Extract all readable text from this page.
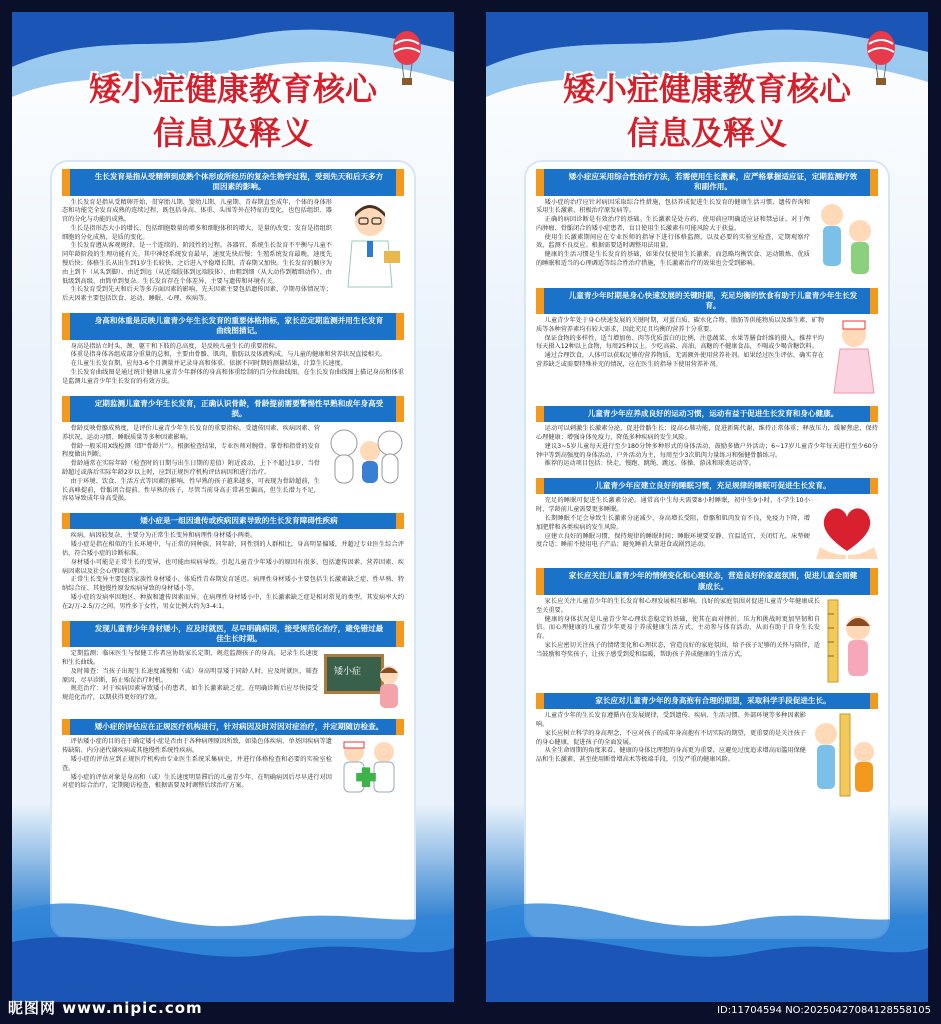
矮小症健康教育核心
信息及释义
生长发育是指从受精卵到成熟个体形成所经历的复杂生物学过程，受到先天和后天多方面因素的影响。

生长发育是指从受精卵开始，贯穿胎儿期、婴幼儿期、儿童期、青春期直至成年，个体的身体形态和功能完全发育成熟的连续过程，既包括身高、体重、头围等外在特征的变化，也包括组织、器官的分化与功能的成熟。

生长是指形态大小的增长，包括细胞数量的增多和细胞体积的增大，是量的改变；发育是指组织细胞的分化成熟，是质的变化。

生长发育遵从客观规律，是一个连续的、阶段性的过程。各器官、系统生长发育不平衡与儿童不同年龄阶段的生理功能有关。其中神经系统发育最早，速度先快后慢；生殖系统发育最晚，速度先慢后快；体格生长从出生到1岁生长较快，之后进入平稳增长期，青春期又加快。生长发育的顺序为由上到下（从头到脚）、由近到远（从近端肢体到远端肢体）、由粗到细（从大动作到精细动作）、由低级到高级、由简单到复杂。生长发育存在个体差异，主要与遗传和环境有关。

生长发育受到先天和后天等多方面因素的影响，先天因素主要包括遗传因素、孕期母体情况等；后天因素主要包括饮食、运动、睡眠、心理、疾病等。

身高和体重是反映儿童青少年生长发育的重要体格指标，家长应定期监测并用生长发育曲线图描记。

身高是指站立时头、颈、躯干和下肢的总高度，是反映儿童生长的重要指标。

体重是指身体各组成部分重量的总和，主要由骨骼、肌肉、脂肪以及体液构成，与儿童的健康和营养状况直接相关。

在儿童生长发育期，应每3-6个月测量并记录身高和体重。依据不同时期的测量结果，计算生长速度。

生长发育曲线图是通过统计健康儿童青少年群体的身高和体重绘制的百分位曲线图。在生长发育曲线图上描记身高和体重是监测儿童青少年生长发育的有效方法。

定期监测儿童青少年生长发育，正确认识骨龄，骨龄提前需要警惕性早熟和成年身高受损。

骨龄反映骨骼成熟度，是评价儿童青少年生长发育的重要指标，受遗传因素、疾病因素、营养状况、运动习惯、睡眠质量等多种因素影响。

骨龄一般采用X线检测（即“骨龄片”）。根据检查结果，专业医师对腕骨、掌骨和指骨的发育程度做出判断。

骨龄通常在实际年龄（检查时的日期与出生日期的差值）附近波动，上下不超过1岁，当骨龄超过或落后实际年龄2岁以上时，应到正规医疗机构评估病因和进行治疗。

由于环境、饮食、生活方式等因素的影响，性早熟的孩子越来越多，可表现为骨龄超前，生长高峰提前，骨骺闭合提前。性早熟的孩子，尽管当前身高正常甚至偏高，但生长潜力不足，容易导致成年身高受损。

矮小症是一组因遗传或疾病因素导致的生长发育障碍性疾病

疾病，病因较复杂，主要分为正常生长变异和病理性身材矮小两类。

矮小症是指在相似的生长环境中，与正常的同种族、同年龄、同性别的人群相比，身高明显偏矮，并超过专业医生综合评估，符合矮小症的诊断标准。

身材矮小可能是正常生长的变异，也可能由疾病导致。引起儿童青少年矮小的原因有很多，包括遗传因素、营养因素、疾病因素以及社会心理因素等。

正常生长变异主要包括家族性身材矮小、体质性青春期发育延迟。病理性身材矮小主要包括生长激素缺乏症、性早熟、特纳综合征、其他慢性原发疾病导致的身材矮小等。

矮小症的发病率因地区、种族和遗传因素而异。在病理性身材矮小中，生长激素缺乏症是相对常见的类型，其发病率大约在2/万-2.5/万之间，男性多于女性，男女比例大约为3-4:1。

发现儿童青少年身材矮小，应及时就医，尽早明确病因，接受规范化治疗，避免错过最佳生长时期。

定期监测：临床医生与保健工作者应协助家长定期、规范监测孩子的身高，记录生长速度和生长曲线。

及时筛查：当孩子出现生长速度减慢和（或）身高明显矮于同龄人时，应及时就医，筛查原因，尽早诊断，防止贻误治疗时机。

规范治疗：对于疾病因素导致矮小的患者，如生长激素缺乏症，在明确诊断后应尽快接受规范化治疗，以期获得更好的疗效。

矮小症
矮小症的评估应在正规医疗机构进行，针对病因及时对因对症治疗，并定期随访检查。

评估矮小症的目的在于确定矮小症是否由于各种病理原因所致，如染色体疾病、单基因疾病等遗传缺陷、内分泌代谢疾病或其他慢性系统性疾病。

矮小症的评估应到正规医疗机构由专业医生系统采集病史，并进行体格检查和必要的实验室检查。

矮小症的评估对象是身高和（或）生长速度明显滞后的儿童青少年，在明确病因后尽早进行对因对症的综合治疗，定期随访检查，根据需要及时调整后续治疗方案。

矮小症健康教育核心
信息及释义
矮小症应采用综合性治疗方法，若需使用生长激素，应严格掌握适应证，定期监测疗效和副作用。

矮小症的治疗应针对病因采取综合性措施，包括养成促进生长发育的健康生活习惯、遗传咨询和采用生长激素、积极治疗原发病等。

正确的病因诊断是有效治疗的基础。生长激素是处方药，使用前应明确适应证和禁忌证。对于颅内肿瘤、骨骺闭合的矮小症患者，盲目使用生长激素有可能风险大于获益。

使用生长激素期间应在专业医师的指导下进行体格监测，以及必要的实验室检查，定期观察疗效，监测不良反应。根据需要适时调整用法用量。

健康的生活习惯是生长发育的基础，如果仅仅使用生长激素，而忽略均衡饮食、运动锻炼、优质的睡眠和适当的心理调适等综合性治疗措施，生长激素治疗的效果也会受到影响。

儿童青少年时期是身心快速发展的关键时期，充足均衡的饮食有助于儿童青少年生长发育。

儿童青少年处于身心快速发展的关键时期，对蛋白质、碳水化合物、脂肪等供能物质以及维生素、矿物质等各种营养素均有较大需求，因此充足且均衡的营养十分重要。

保证食物的多样性，适当增加鱼、肉等优质蛋白的比例，注意蔬菜、水果等膳食纤维的摄入。推荐平均每天摄入12种以上食物，每周25种以上。少吃高盐、高油、高糖的不健康食品，不喝或少喝含糖饮料。

通过合理饮食，人体可以获取足够的营养物质，无需额外使用营养补剂。如果经过医生评估，确实存在营养缺乏或需要特殊补充的情况，应在医生的指导下使用营养补剂。

儿童青少年应养成良好的运动习惯，运动有益于促进生长发育和身心健康。

运动可以刺激生长激素分泌，促进骨骼生长；提高心肺功能，促进新陈代谢，维持正常体重；释放压力，缓解焦虑，保持心理健康；增强身体免疫力，降低多种疾病的发生风险。

建议3~5岁儿童每天进行至少180分钟多种形式的身体活动，鼓励多做户外活动；6~17岁儿童青少年每天进行至少60分钟中等到高强度的身体活动，户外活动为主，每周至少3次肌肉力量练习和强健骨骼练习。

推荐的运动项目包括：快走、慢跑、跳绳、跳远、体操、游泳和球类运动等。

儿童青少年应建立良好的睡眠习惯，充足规律的睡眠可促进生长发育。

充足的睡眠可促进生长激素分泌。通常高中生每天需要8小时睡眠，初中生9小时，小学生10小时，学龄前儿童需要更多睡眠。

长期睡眠不足会导致生长激素分泌减少，身高增长受阻，骨骼和肌肉发育不良，免疫力下降，增加肥胖和各类疾病的发生风险。

应建立良好的睡眠习惯，保持规律的睡眠时间；睡眠环境要安静、宜温适宜，关闭灯光，床垫硬度合适；睡前不使用电子产品；避免睡前大量进食或剧烈运动。

家长应关注儿童青少年的情绪变化和心理状态，营造良好的家庭氛围，促进儿童全面健康成长。

家长应关注儿童青少年的生长发育和心理发展相互影响。良好的家庭氛围对促进儿童青少年健康成长至关重要。

健康的身体状况是儿童青少年心理状态稳定的基础，使其在面对挫折、压力和挑战时更加坚韧和自信。而心理健康的儿童青少年更易于养成健康生活方式，主动参与体育活动，从而有助于自身生长发育。

家长应密切关注孩子的情绪变化和心理状态，营造良好的家庭氛围，给予孩子足够的关怀与陪伴，适当鼓励和夸奖孩子，让孩子感受到爱和温暖，帮助孩子养成健康的生活方式。

家长应对儿童青少年的身高抱有合理的期望，采取科学手段促进生长。

儿童青少年的生长发育遵循内在发展规律，受到遗传、疾病、生活习惯、外部环境等多种因素影响。

家长应树立科学的身高理念，不应对孩子的成年身高抱有不切实际的期望，更重要的是关注孩子的身心健康，促进孩子的全面发展。

从全生命周期的角度来看，健康的身体比理想的身高更为重要，应避免过度追求增高而滥用保健品和生长激素，甚至使用断骨增高术等极端手段，引发严重的健康风险。

昵图网 www.nipic.com	ID:11704594 NO:20250427084128558105
